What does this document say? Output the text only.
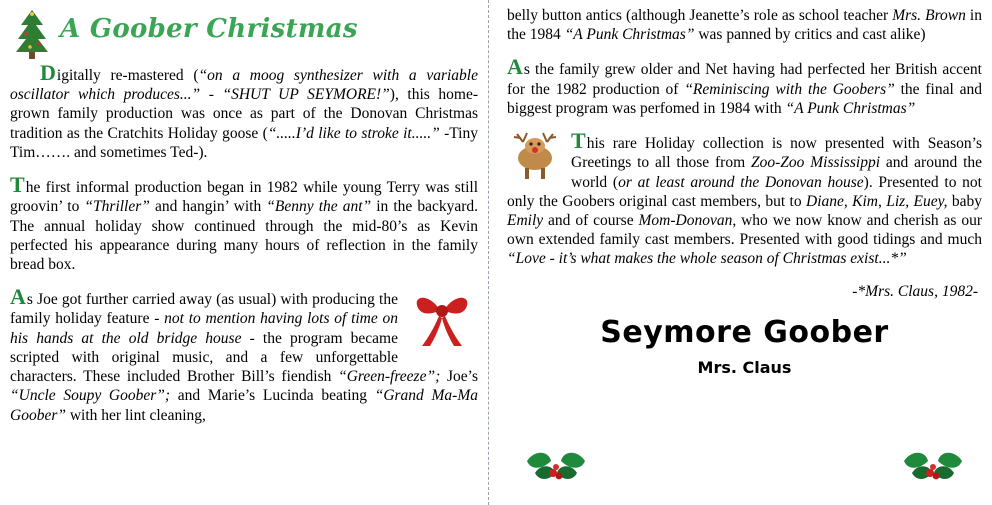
A Goober Christmas

Digitally re-mastered (“on a moog synthesizer with a variable oscillator which produces...” - “SHUT UP SEYMORE!”), this home-grown family production was once as part of the Donovan Christmas tradition as the Cratchits Holiday goose (“.....I’d like to stroke it.....” -Tiny Tim……. and sometimes Ted-).

The first informal production began in 1982 while young Terry was still groovin’ to “Thriller” and hangin’ with “Benny the ant” in the backyard. The annual holiday show continued through the mid-80’s as Kevin perfected his appearance during many hours of reflection in the family bread box.

As Joe got further carried away (as usual) with producing the family holiday feature - not to mention having lots of time on his hands at the old bridge house - the program became scripted with original music, and a few unforgettable characters. These included Brother Bill’s fiendish “Green-freeze”; Joe’s “Uncle Soupy Goober”; and Marie’s Lucinda beating “Grand Ma-Ma Goober” with her lint cleaning,

belly button antics (although Jeanette’s role as school teacher Mrs. Brown in the 1984 “A Punk Christmas” was panned by critics and cast alike)

As the family grew older and Net having had perfected her British accent for the 1982 production of “Reminiscing with the Goobers” the final and biggest program was perfomed in 1984 with “A Punk Christmas”

This rare Holiday collection is now presented with Season’s Greetings to all those from Zoo-Zoo Mississippi and around the world (or at least around the Donovan house). Presented to not only the Goobers original cast members, but to Diane, Kim, Liz, Euey, baby Emily and of course Mom-Donovan, who we now know and cherish as our own extended family cast members. Presented with good tidings and much “Love - it’s what makes the whole season of Christmas exist...*”

-*Mrs. Claus, 1982-
Seymore Goober
Mrs. Claus
